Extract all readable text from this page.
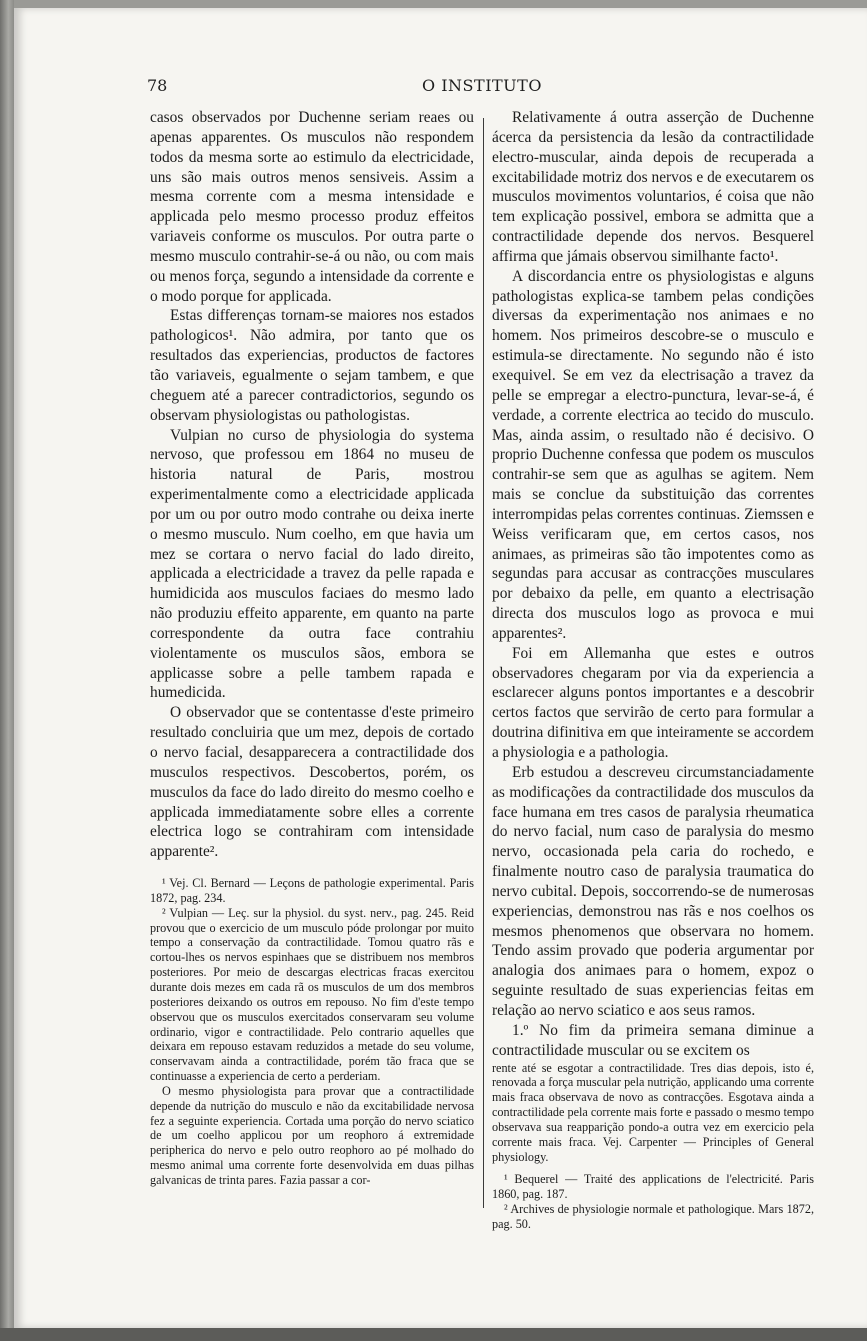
78	O INSTITUTO

casos observados por Duchenne seriam reaes ou apenas apparentes. Os musculos não respondem todos da mesma sorte ao estimulo da electricidade, uns são mais outros menos sensiveis. Assim a mesma corrente com a mesma intensidade e applicada pelo mesmo processo produz effeitos variaveis conforme os musculos. Por outra parte o mesmo musculo contrahir-se-á ou não, ou com mais ou menos força, segundo a intensidade da corrente e o modo porque for applicada.

Estas differenças tornam-se maiores nos estados pathologicos¹. Não admira, por tanto que os resultados das experiencias, productos de factores tão variaveis, egualmente o sejam tambem, e que cheguem até a parecer contradictorios, segundo os observam physiologistas ou pathologistas.

Vulpian no curso de physiologia do systema nervoso, que professou em 1864 no museu de historia natural de Paris, mostrou experimentalmente como a electricidade applicada por um ou por outro modo contrahe ou deixa inerte o mesmo musculo. Num coelho, em que havia um mez se cortara o nervo facial do lado direito, applicada a electricidade a travez da pelle rapada e humidicida aos musculos faciaes do mesmo lado não produziu effeito apparente, em quanto na parte correspondente da outra face contrahiu violentamente os musculos sãos, embora se applicasse sobre a pelle tambem rapada e humedicida.

O observador que se contentasse d'este primeiro resultado concluiria que um mez, depois de cortado o nervo facial, desapparecera a contractilidade dos musculos respectivos. Descobertos, porém, os musculos da face do lado direito do mesmo coelho e applicada immediatamente sobre elles a corrente electrica logo se contrahiram com intensidade apparente².

¹ Vej. Cl. Bernard — Leçons de pathologie experimental. Paris 1872, pag. 234.

² Vulpian — Leç. sur la physiol. du syst. nerv., pag. 245. Reid provou que o exercicio de um musculo póde prolongar por muito tempo a conservação da contractilidade. Tomou quatro rãs e cortou-lhes os nervos espinhaes que se distribuem nos membros posteriores. Por meio de descargas electricas fracas exercitou durante dois mezes em cada rã os musculos de um dos membros posteriores deixando os outros em repouso. No fim d'este tempo observou que os musculos exercitados conservaram seu volume ordinario, vigor e contractilidade. Pelo contrario aquelles que deixara em repouso estavam reduzidos a metade do seu volume, conservavam ainda a contractilidade, porém tão fraca que se continuasse a experiencia de certo a perderiam.

O mesmo physiologista para provar que a contractilidade depende da nutrição do musculo e não da excitabilidade nervosa fez a seguinte experiencia. Cortada uma porção do nervo sciatico de um coelho applicou por um reophoro á extremidade peripherica do nervo e pelo outro reophoro ao pé molhado do mesmo animal uma corrente forte desenvolvida em duas pilhas galvanicas de trinta pares. Fazia passar a cor-

Relativamente á outra asserção de Duchenne ácerca da persistencia da lesão da contractilidade electro-muscular, ainda depois de recuperada a excitabilidade motriz dos nervos e de executarem os musculos movimentos voluntarios, é coisa que não tem explicação possivel, embora se admitta que a contractilidade depende dos nervos. Besquerel affirma que jámais observou similhante facto¹.

A discordancia entre os physiologistas e alguns pathologistas explica-se tambem pelas condições diversas da experimentação nos animaes e no homem. Nos primeiros descobre-se o musculo e estimula-se directamente. No segundo não é isto exequivel. Se em vez da electrisação a travez da pelle se empregar a electro-punctura, levar-se-á, é verdade, a corrente electrica ao tecido do musculo. Mas, ainda assim, o resultado não é decisivo. O proprio Duchenne confessa que podem os musculos contrahir-se sem que as agulhas se agitem. Nem mais se conclue da substituição das correntes interrompidas pelas correntes continuas. Ziemssen e Weiss verificaram que, em certos casos, nos animaes, as primeiras são tão impotentes como as segundas para accusar as contracções musculares por debaixo da pelle, em quanto a electrisação directa dos musculos logo as provoca e mui apparentes².

Foi em Allemanha que estes e outros observadores chegaram por via da experiencia a esclarecer alguns pontos importantes e a descobrir certos factos que servirão de certo para formular a doutrina difinitiva em que inteiramente se accordem a physiologia e a pathologia.

Erb estudou a descreveu circumstanciadamente as modificações da contractilidade dos musculos da face humana em tres casos de paralysia rheumatica do nervo facial, num caso de paralysia do mesmo nervo, occasionada pela caria do rochedo, e finalmente noutro caso de paralysia traumatica do nervo cubital. Depois, soccorrendo-se de numerosas experiencias, demonstrou nas rãs e nos coelhos os mesmos phenomenos que observara no homem. Tendo assim provado que poderia argumentar por analogia dos animaes para o homem, expoz o seguinte resultado de suas experiencias feitas em relação ao nervo sciatico e aos seus ramos.

1.º No fim da primeira semana diminue a contractilidade muscular ou se excitem os

rente até se esgotar a contractilidade. Tres dias depois, isto é, renovada a força muscular pela nutrição, applicando uma corrente mais fraca observava de novo as contracções. Esgotava ainda a contractilidade pela corrente mais forte e passado o mesmo tempo observava sua reapparição pondo-a outra vez em exercicio pela corrente mais fraca. Vej. Carpenter — Principles of General physiology.

¹ Bequerel — Traité des applications de l'electricité. Paris 1860, pag. 187.

² Archives de physiologie normale et pathologique. Mars 1872, pag. 50.
